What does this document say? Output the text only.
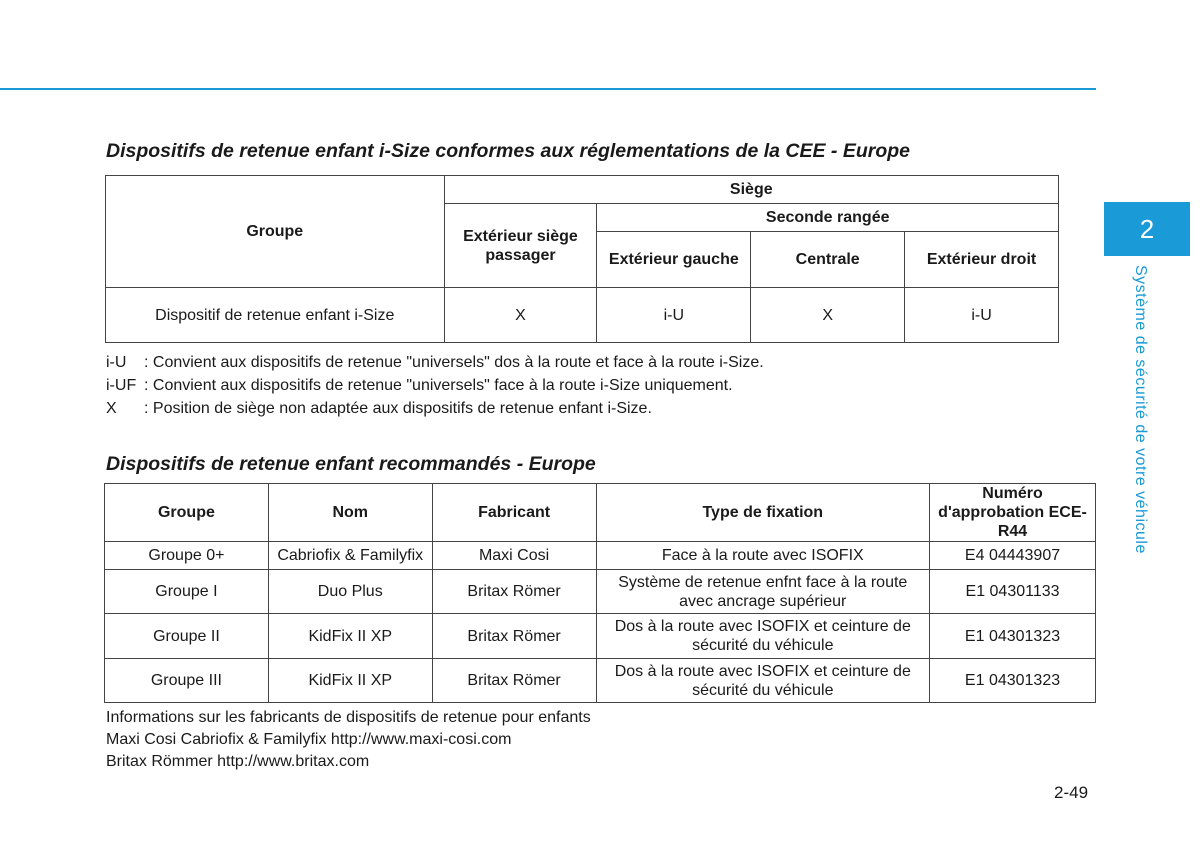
2
Système de sécurité de votre véhicule
Dispositifs de retenue enfant i-Size conformes aux réglementations de la CEE - Europe
Groupe	Siège			
	Extérieur siège passager	Seconde rangée		
		Extérieur gauche	Centrale	Extérieur droit
Dispositif de retenue enfant i-Size	X	i-U	X	i-U
i-U	: Convient aux dispositifs de retenue "universels" dos à la route et face à la route i-Size.
i-UF : Convient aux dispositifs de retenue "universels" face à la route i-Size uniquement.
X	: Position de siège non adaptée aux dispositifs de retenue enfant i-Size.
Dispositifs de retenue enfant recommandés - Europe
Groupe	Nom	Fabricant	Type de fixation	Numéro d'approbation ECE-R44
Groupe 0+	Cabriofix & Familyfix	Maxi Cosi	Face à la route avec ISOFIX	E4 04443907
Groupe I	Duo Plus	Britax Römer	Système de retenue enfnt face à la route avec ancrage supérieur	E1 04301133
Groupe II	KidFix II XP	Britax Römer	Dos à la route avec ISOFIX et ceinture de sécurité du véhicule	E1 04301323
Groupe III	KidFix II XP	Britax Römer	Dos à la route avec ISOFIX et ceinture de sécurité du véhicule	E1 04301323
Informations sur les fabricants de dispositifs de retenue pour enfants
Maxi Cosi Cabriofix & Familyfix http://www.maxi-cosi.com
Britax Römmer http://www.britax.com
2-49
